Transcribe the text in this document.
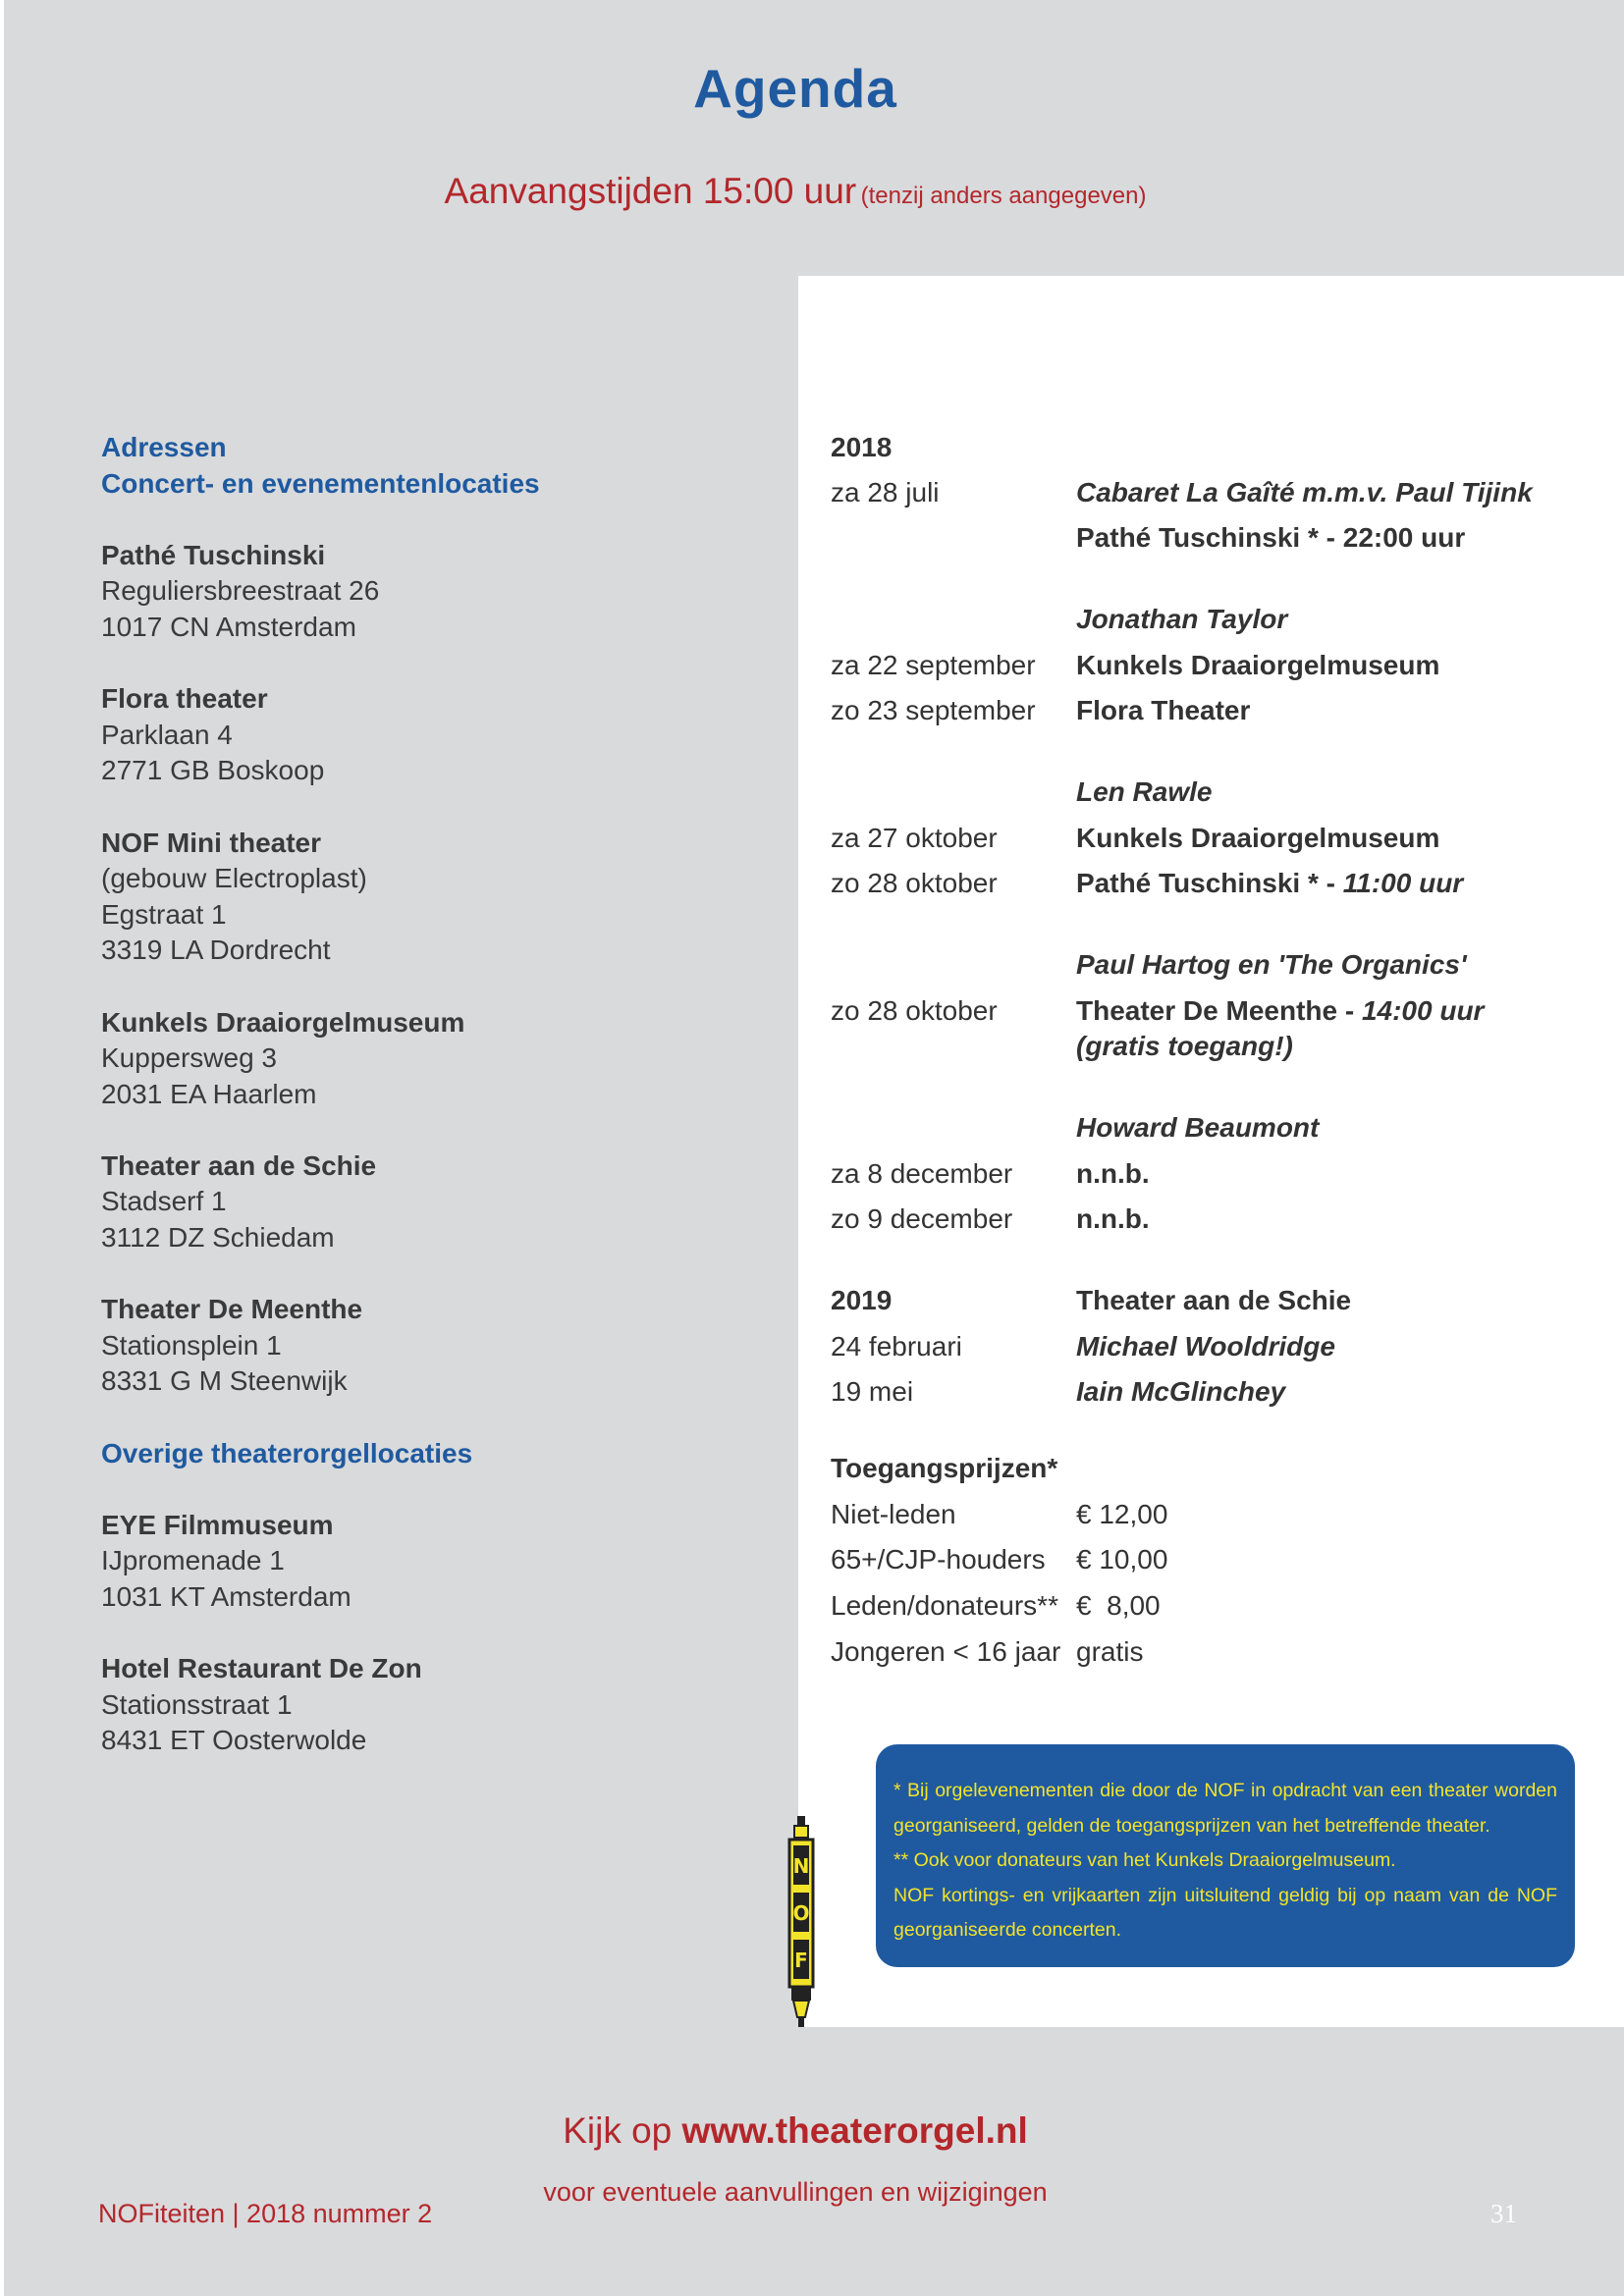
Agenda
Aanvangstijden 15:00 uur (tenzij anders aangegeven)
Adressen
Concert- en evenementenlocaties
Pathé Tuschinski
Reguliersbreestraat 26
1017 CN Amsterdam
Flora theater
Parklaan 4
2771 GB Boskoop
NOF Mini theater
(gebouw Electroplast)
Egstraat 1
3319 LA Dordrecht
Kunkels Draaiorgelmuseum
Kuppersweg 3
2031 EA Haarlem
Theater aan de Schie
Stadserf 1
3112 DZ Schiedam
Theater De Meenthe
Stationsplein 1
8331 G M Steenwijk
Overige theaterorgellocaties
EYE Filmmuseum
IJpromenade 1
1031 KT Amsterdam
Hotel Restaurant De Zon
Stationsstraat 1
8431 ET Oosterwolde
2018
za 28 juli	Cabaret La Gaîté m.m.v. Paul Tijink
Pathé Tuschinski * - 22:00 uur
Jonathan Taylor
za 22 september Kunkels Draaiorgelmuseum
zo 23 september Flora Theater
Len Rawle
za 27 oktober	Kunkels Draaiorgelmuseum
zo 28 oktober	Pathé Tuschinski * - 11:00 uur
Paul Hartog en 'The Organics'
zo 28 oktober	Theater De Meenthe - 14:00 uur
(gratis toegang!)
Howard Beaumont
za 8 december n.n.b.
zo 9 december n.n.b.
2019	Theater aan de Schie
24 februari	Michael Wooldridge
19 mei	Iain McGlinchey
Toegangsprijzen*
Niet-leden	€ 12,00
65+/CJP-houders € 10,00
Leden/donateurs** €  8,00
Jongeren < 16 jaar gratis
* Bij orgelevenementen die door de NOF in opdracht van een theater worden georganiseerd, gelden de toegangsprijzen van het betreffende theater.
** Ook voor donateurs van het Kunkels Draaiorgelmuseum.
NOF kortings- en vrijkaarten zijn uitsluitend geldig bij op naam van de NOF georganiseerde concerten.
N
O
F
Kijk op www.theaterorgel.nl
voor eventuele aanvullingen en wijzigingen
NOFiteiten | 2018 nummer 2	31
